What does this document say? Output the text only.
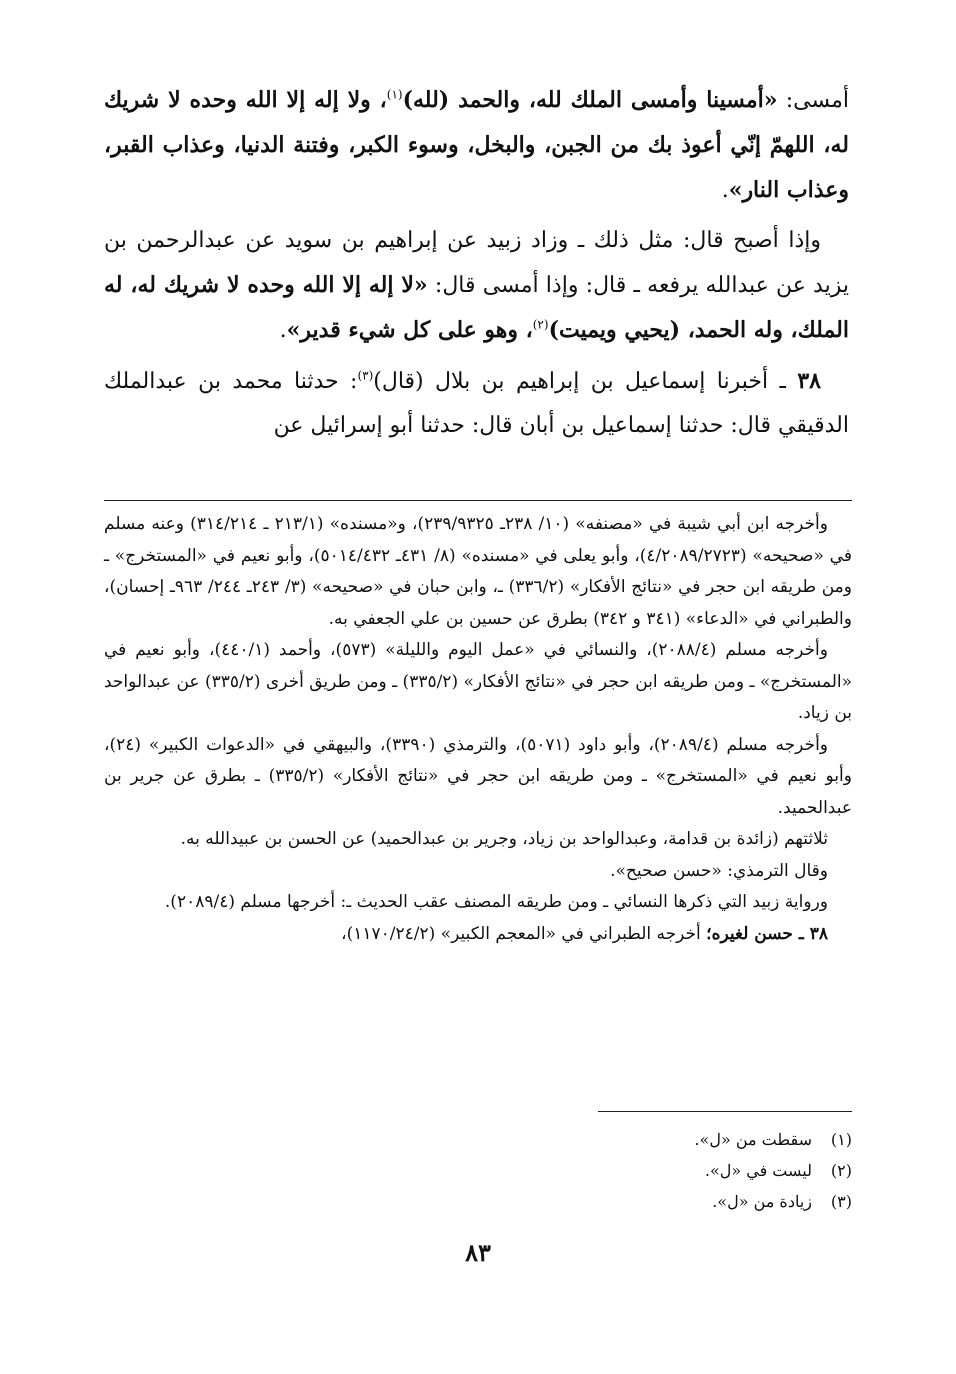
أمسى: «أمسينا وأمسى الملك لله، والحمد (لله)$^{(١)}$، ولا إله إلا الله وحده لا شريك له، اللهمّ إنّي أعوذ بك من الجبن، والبخل، وسوء الكبر، وفتنة الدنيا، وعذاب القبر، وعذاب النار».

وإذا أصبح قال: مثل ذلك ـ وزاد زبيد عن إبراهيم بن سويد عن عبدالرحمن بن يزيد عن عبدالله يرفعه ـ قال: وإذا أمسى قال: «لا إله إلا الله وحده لا شريك له، له الملك، وله الحمد، (يحيي ويميت)$^{(٢)}$، وهو على كل شيء قدير».

٣٨ ـ أخبرنا إسماعيل بن إبراهيم بن بلال (قال)$^{(٣)}$: حدثنا محمد بن عبدالملك الدقيقي قال: حدثنا إسماعيل بن أبان قال: حدثنا أبو إسرائيل عن

وأخرجه ابن أبي شيبة في «مصنفه» (١٠/ ٢٣٨ـ ٢٣٩/٩٣٢٥)، و«مسنده» (٢١٣/١ ـ ٣١٤/٢١٤) وعنه مسلم في «صحيحه» (٤/٢٠٨٩/٢٧٢٣)، وأبو يعلى في «مسنده» (٨/ ٤٣١ـ ٥٠١٤/٤٣٢)، وأبو نعيم في «المستخرج» ـ ومن طريقه ابن حجر في «نتائج الأفكار» (٣٣٦/٢) ـ، وابن حبان في «صحيحه» (٣/ ٢٤٣ـ ٢٤٤/ ٩٦٣ـ إحسان)، والطبراني في «الدعاء» (٣٤١ و ٣٤٢) بطرق عن حسين بن علي الجعفي به.

وأخرجه مسلم (٢٠٨٨/٤)، والنسائي في «عمل اليوم والليلة» (٥٧٣)، وأحمد (٤٤٠/١)، وأبو نعيم في «المستخرج» ـ ومن طريقه ابن حجر في «نتائج الأفكار» (٣٣٥/٢) ـ ومن طريق أخرى (٣٣٥/٢) عن عبدالواحد بن زياد.

وأخرجه مسلم (٢٠٨٩/٤)، وأبو داود (٥٠٧١)، والترمذي (٣٣٩٠)، والبيهقي في «الدعوات الكبير» (٢٤)، وأبو نعيم في «المستخرج» ـ ومن طريقه ابن حجر في «نتائج الأفكار» (٣٣٥/٢) ـ بطرق عن جرير بن عبدالحميد.

ثلاثتهم (زائدة بن قدامة، وعبدالواحد بن زياد، وجرير بن عبدالحميد) عن الحسن بن عبيدالله به.

وقال الترمذي: «حسن صحيح».

ورواية زبيد التي ذكرها النسائي ـ ومن طريقه المصنف عقب الحديث ـ: أخرجها مسلم (٢٠٨٩/٤).

٣٨ ـ حسن لغيره؛ أخرجه الطبراني في «المعجم الكبير» (١١٧٠/٢٤/٢)،

(١)
سقطت من «ل».
(٢)
ليست في «ل».
(٣)
زيادة من «ل».
٨٣
